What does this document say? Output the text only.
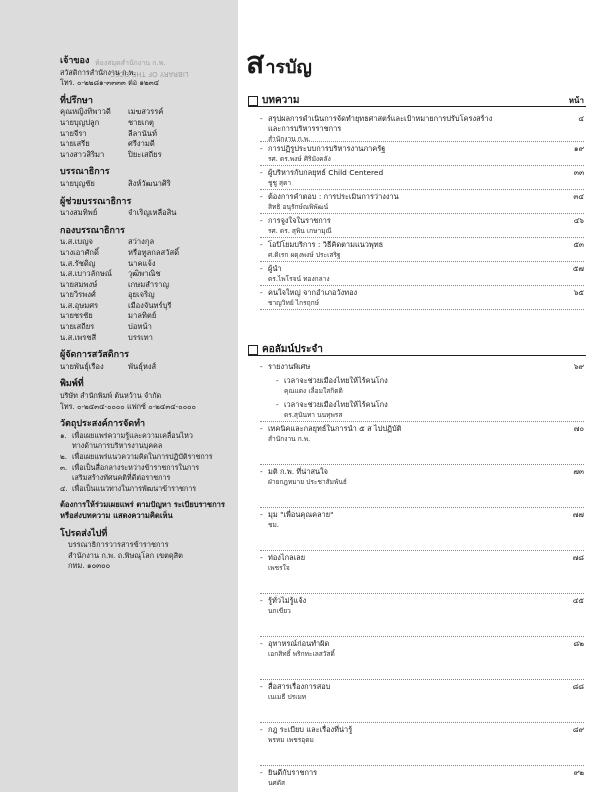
ห้องสมุดสำนักงาน ก.พ.
LIBRARY OF THE OCSC
เจ้าของ
สวัสดิการสำนักงาน ก.พ.
โทร. ๐-๒๒๘๑-๓๓๓๓ ต่อ ๑๒๓๔
ที่ปรึกษา
คุณหญิงทิพาวดี	เมฆสวรรค์
นายบุญปลูก	ชายเกตุ
นายจีรา	ลีลานันท์
นายเสรีย	ศรีงามดี
นางสาวสิริมา	ปิยะเสถียร
บรรณาธิการ
นายบุญชัย	สิงห์วัฒนาศิริ
ผู้ช่วยบรรณาธิการ
นางสมทิพย์	จำเริญเหลือสิน
กองบรรณาธิการ
น.ส.เบญจ	สว่างกุล
นางเอาศักดิ์	หรือทูลกลสวัสดิ์
น.ส.รัชดิญ	นาคแจ้ง
น.ส.เบาวลักษณ์	วุฒิพาณิช
นายสมพงษ์	เกษมสำราญ
นายวิรพงศ์	อุยเจริญ
น.ส.อุษมศร	เมืองจันทร์บุรี
นายชรชัย	มาลทิตย์
นายเสถียร	บ่อหน้า
น.ส.เพรชสี	บรรเทา
ผู้จัดการสวัสดิการ
นายพันธุ์เรือง	พันธุ์หงส์
พิมพ์ที่
บริษัท สำนักพิมพ์ ต้นหว้าน จำกัด
โทร. ๐-๒๔๓๔-๐๐๐๐ แฟกซ์ ๐-๒๔๓๔-๐๐๐๐
วัตถุประสงค์การจัดทำ
๑. เพื่อเผยแพร่ความรู้และความเคลื่อนไหว
ทางด้านการบริหารงานบุคคล
๒. เพื่อเผยแพร่แนวความคิดในการปฏิบัติราชการ
๓. เพื่อเป็นสื่อกลางระหว่างข้าราชการในการ
เสริมสร้างทัศนคติที่ดีต่อราชการ
๔. เพื่อเป็นแนวทางในการพัฒนาข้าราชการ
ต้องการให้ร่วมเผยแพร่ ตามปัญหา ระเบียบราชการหรือส่งบทความ แสดงความคิดเห็น
โปรดส่งไปที่
บรรณาธิการวารสารข้าราชการ
สำนักงาน ก.พ. ถ.พิษณุโลก เขตดุสิต
กทม. ๑๐๓๐๐
สารบัญ
บทความ	หน้า
- สรุปผลการดำเนินการจัดทำยุทธศาสตร์และเป้าหมายการปรับโครงสร้าง	๔
และการบริหารราชการ
สำนักงาน ก.พ.
- การปฏิรูประบบการบริหารงานภาครัฐ	๑๙
รศ. ดร.พงษ์ ศิริมังคลัง
- ผู้บริหารกับกลยุทธ์ Child Centered	๓๓
ชูชู สุดา
- ต้องการคำตอบ : การประเมินการว่างงาน	๓๔
สิทธิ อนุรักษ์ณพิพัฒน์
- การจูงใจในราชการ	๔๖
รศ. ดร. สุพิน เกษามุณี
- โอปิโยมบริการ : วิธีคิดตามแนวพุทธ	๕๓
ศ.ดิเรก ผดุงพงษ์ ประเสริฐ
- ผู้นำ	๕๗
ดร.ไพโรจน์ ทองกลาง
- คนใจใหญ่ จากอำเภอวังทอง	๖๕
ชาญวิทย์ ไกรฤกษ์
คอลัมน์ประจำ
- รายงานพิเศษ	๖๙
- เวลาจะช่วยเมืองไทยให้ไร้คนโกง
คุณแดง เลื่อมใสกิตติ
- เวลาจะช่วยเมืองไทยให้ไร้คนโกง
ดร.สุนันทา นนทุพรส
- เทคนิคและกลยุทธ์ในการนำ ๕ ส ไปปฏิบัติ	๗๐
สำนักงาน ก.พ.
- มติ ก.พ. ที่น่าสนใจ	๗๓
ฝ่ายกฎหมาย ประชาสัมพันธ์
- มุม "เพื่อนคุณคลาย"	๗๗
ชม.
- ท่องไกลเลย	๗๘
เพชรใจ
- รู้ทั่วไม่รู้แจ้ง	๔๕
นกเขียว
- อุทาหรณ์ก่อนทำผิด	๘๒
เอกสิทธิ์ พริกทะเลสวัสดิ์
- สื่อสารเรื่องการสอบ	๘๘
เนเมธี ปรเมท
- กฎ ระเบียบ และเรื่องที่น่ารู้	๘๙
พรหม เพชรอุดม
- ยินดีกับราชการ	๙๒
นศดัส
